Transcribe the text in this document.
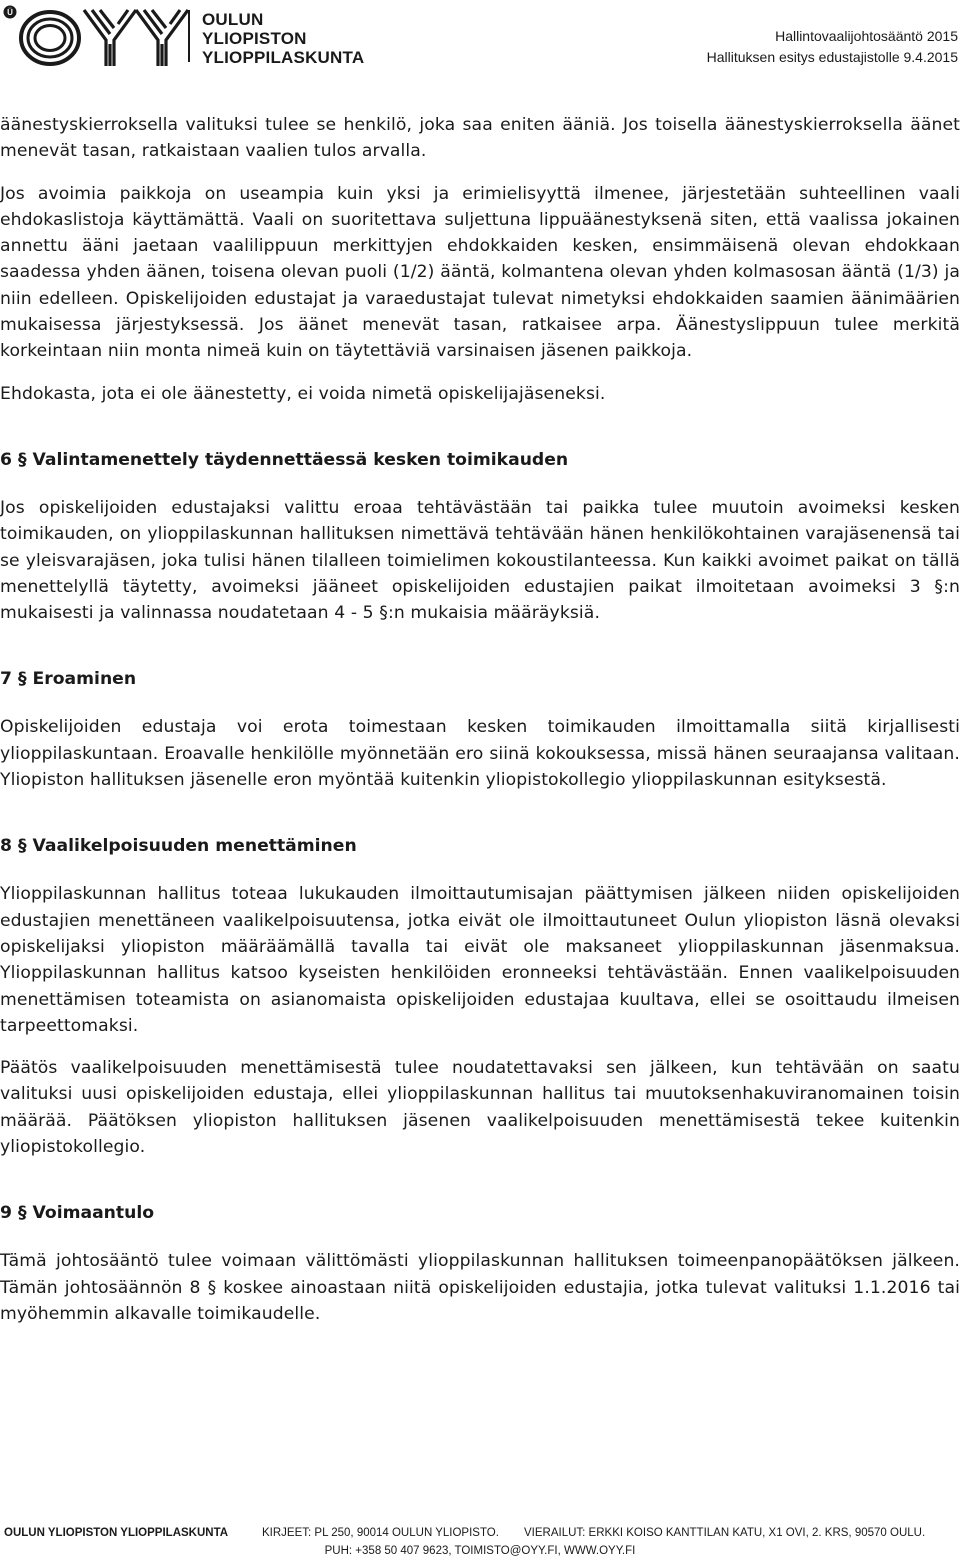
Ü	OULUN
YLIOPISTON
YLIOPPILASKUNTA
Hallintovaalijohtosääntö 2015
Hallituksen esitys edustajistolle 9.4.2015

äänestyskierroksella valituksi tulee se henkilö, joka saa eniten ääniä. Jos toisella äänestyskierroksella äänet menevät tasan, ratkaistaan vaalien tulos arvalla.

Jos avoimia paikkoja on useampia kuin yksi ja erimielisyyttä ilmenee, järjestetään suhteellinen vaali ehdokaslistoja käyttämättä. Vaali on suoritettava suljettuna lippuäänestyksenä siten, että vaalissa jokainen annettu ääni jaetaan vaalilippuun merkittyjen ehdokkaiden kesken, ensimmäisenä olevan ehdokkaan saadessa yhden äänen, toisena olevan puoli (1/2) ääntä, kolmantena olevan yhden kolmasosan ääntä (1/3) ja niin edelleen. Opiskelijoiden edustajat ja varaedustajat tulevat nimetyksi ehdokkaiden saamien äänimäärien mukaisessa järjestyksessä. Jos äänet menevät tasan, ratkaisee arpa. Äänestyslippuun tulee merkitä korkeintaan niin monta nimeä kuin on täytettäviä varsinaisen jäsenen paikkoja.

Ehdokasta, jota ei ole äänestetty, ei voida nimetä opiskelijajäseneksi.

6 § Valintamenettely täydennettäessä kesken toimikauden

Jos opiskelijoiden edustajaksi valittu eroaa tehtävästään tai paikka tulee muutoin avoimeksi kesken toimikauden, on ylioppilaskunnan hallituksen nimettävä tehtävään hänen henkilökohtainen varajäsenensä tai se yleisvarajäsen, joka tulisi hänen tilalleen toimielimen kokoustilanteessa. Kun kaikki avoimet paikat on tällä menettelyllä täytetty, avoimeksi jääneet opiskelijoiden edustajien paikat ilmoitetaan avoimeksi 3 §:n mukaisesti ja valinnassa noudatetaan 4 - 5 §:n mukaisia määräyksiä.

7 § Eroaminen

Opiskelijoiden edustaja voi erota toimestaan kesken toimikauden ilmoittamalla siitä kirjallisesti ylioppilaskuntaan. Eroavalle henkilölle myönnetään ero siinä kokouksessa, missä hänen seuraajansa valitaan. Yliopiston hallituksen jäsenelle eron myöntää kuitenkin yliopistokollegio ylioppilaskunnan esityksestä.

8 § Vaalikelpoisuuden menettäminen

Ylioppilaskunnan hallitus toteaa lukukauden ilmoittautumisajan päättymisen jälkeen niiden opiskelijoiden edustajien menettäneen vaalikelpoisuutensa, jotka eivät ole ilmoittautuneet Oulun yliopiston läsnä olevaksi opiskelijaksi yliopiston määräämällä tavalla tai eivät ole maksaneet ylioppilaskunnan jäsenmaksua. Ylioppilaskunnan hallitus katsoo kyseisten henkilöiden eronneeksi tehtävästään. Ennen vaalikelpoisuuden menettämisen toteamista on asianomaista opiskelijoiden edustajaa kuultava, ellei se osoittaudu ilmeisen tarpeettomaksi.

Päätös vaalikelpoisuuden menettämisestä tulee noudatettavaksi sen jälkeen, kun tehtävään on saatu valituksi uusi opiskelijoiden edustaja, ellei ylioppilaskunnan hallitus tai muutoksenhakuviranomainen toisin määrää. Päätöksen yliopiston hallituksen jäsenen vaalikelpoisuuden menettämisestä tekee kuitenkin yliopistokollegio.

9 § Voimaantulo

Tämä johtosääntö tulee voimaan välittömästi ylioppilaskunnan hallituksen toimeenpanopäätöksen jälkeen. Tämän johtosäännön 8 § koskee ainoastaan niitä opiskelijoiden edustajia, jotka tulevat valituksi 1.1.2016 tai myöhemmin alkavalle toimikaudelle.

OULUN YLIOPISTON YLIOPPILASKUNTA	KIRJEET: PL 250, 90014 OULUN YLIOPISTO. VIERAILUT: ERKKI KOISO KANTTILAN KATU, X1 OVI, 2. KRS, 90570 OULU.
PUH: +358 50 407 9623, TOIMISTO@OYY.FI, WWW.OYY.FI
